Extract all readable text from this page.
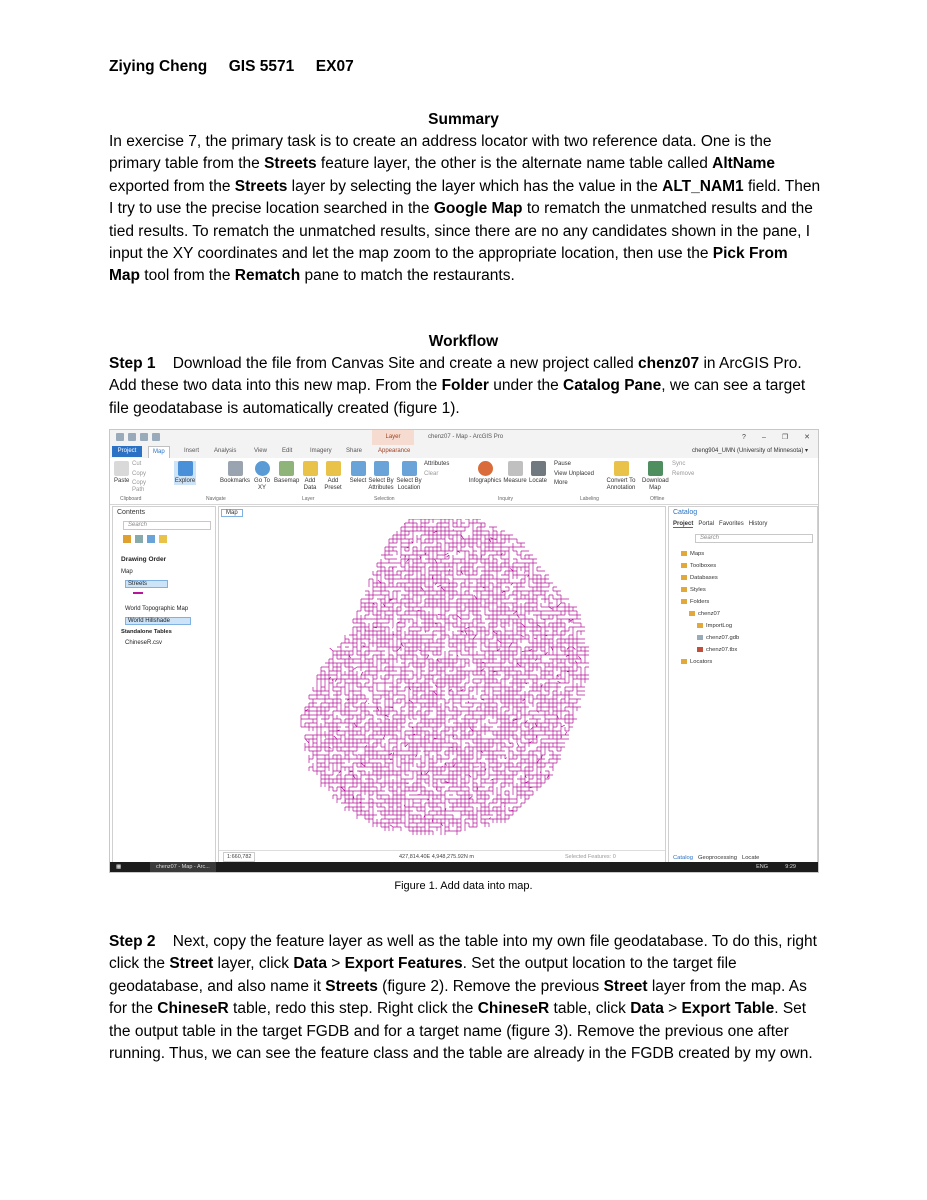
Ziying Cheng GIS 5571 EX07
Summary
In exercise 7, the primary task is to create an address locator with two reference data. One is the primary table from the Streets feature layer, the other is the alternate name table called AltName exported from the Streets layer by selecting the layer which has the value in the ALT_NAM1 field. Then I try to use the precise location searched in the Google Map to rematch the unmatched results and the tied results. To rematch the unmatched results, since there are no any candidates shown in the pane, I input the XY coordinates and let the map zoom to the appropriate location, then use the Pick From Map tool from the Rematch pane to match the restaurants.
Workflow
Step 1    Download the file from Canvas Site and create a new project called chenz07 in ArcGIS Pro. Add these two data into this new map. From the Folder under the Catalog Pane, we can see a target file geodatabase is automatically created (figure 1).
Layer	chenz07 - Map - ArcGIS Pro	? – ❐ ✕
Project	Map	Insert	Analysis	View	Edit	Imagery	Share	Appearance	cheng904_UMN (University of Minnesota) ▾
Paste
Cut
Copy
Copy Path
Explore	Bookmarks Go To XY
Basemap Add Data
Add Preset
Select Select By Attributes
Select By Location
Attributes
Clear
Infographics Measure Locate
Pause
View Unplaced
More	Convert To Annotation
Download Map
Sync
Remove
Clipboard	Navigate	Layer	Selection	Inquiry	Labeling	Offline
Contents
Search
Drawing Order
Map
Streets
World Topographic Map
World Hillshade
Standalone Tables
ChineseR.csv
Map
1:660,782	427,814.40E 4,948,275.92N m	Selected Features: 0
Catalog
Project Portal Favorites History
Search
Maps
Toolboxes
Databases
Styles
Folders
chenz07
ImportLog
chenz07.gdb
chenz07.tbx
Locators
Catalog Geoprocessing Locate
▦	chenz07 - Map - Arc...	ENG	9:29
Figure 1. Add data into map.
Step 2    Next, copy the feature layer as well as the table into my own file geodatabase. To do this, right click the Street layer, click Data > Export Features. Set the output location to the target file geodatabase, and also name it Streets (figure 2). Remove the previous Street layer from the map. As for the ChineseR table, redo this step. Right click the ChineseR table, click Data > Export Table. Set the output table in the target FGDB and for a target name (figure 3). Remove the previous one after running. Thus, we can see the feature class and the table are already in the FGDB created by my own.
